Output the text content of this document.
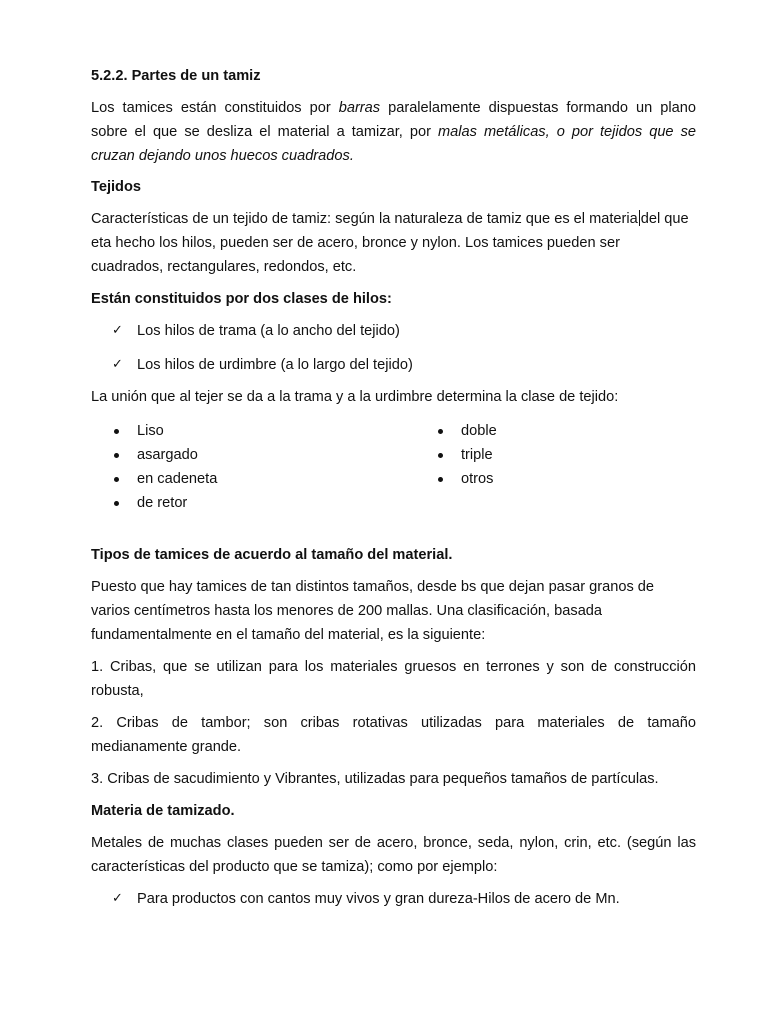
5.2.2. Partes de un tamiz

Los tamices están constituidos por barras paralelamente dispuestas formando un plano sobre el que se desliza el material a tamizar, por malas metálicas, o por tejidos que se cruzan dejando unos huecos cuadrados.

Tejidos

Características de un tejido de tamiz: según la naturaleza de tamiz que es el materia del que eta hecho los hilos, pueden ser de acero, bronce y nylon. Los tamices pueden ser cuadrados, rectangulares, redondos, etc.

Están constituidos por dos clases de hilos:

✓ Los hilos de trama (a lo ancho del tejido)

✓ Los hilos de urdimbre (a lo largo del tejido)

La unión que al tejer se da a la trama y a la urdimbre determina la clase de tejido:

Liso
asargado
en cadeneta
de retor
doble
triple
otros

Tipos de tamices de acuerdo al tamaño del material.

Puesto que hay tamices de tan distintos tamaños, desde bs que dejan pasar granos de varios centímetros hasta los menores de 200 mallas. Una clasificación, basada fundamentalmente en el tamaño del material, es la siguiente:

1. Cribas, que se utilizan para los materiales gruesos en terrones y son de construcción robusta,

2. Cribas de tambor; son cribas rotativas utilizadas para materiales de tamaño medianamente grande.

3. Cribas de sacudimiento y Vibrantes, utilizadas para pequeños tamaños de partículas.

Materia de tamizado.

Metales de muchas clases pueden ser de acero, bronce, seda, nylon, crin, etc. (según las características del producto que se tamiza); como por ejemplo:

✓ Para productos con cantos muy vivos y gran dureza-Hilos de acero de Mn.
